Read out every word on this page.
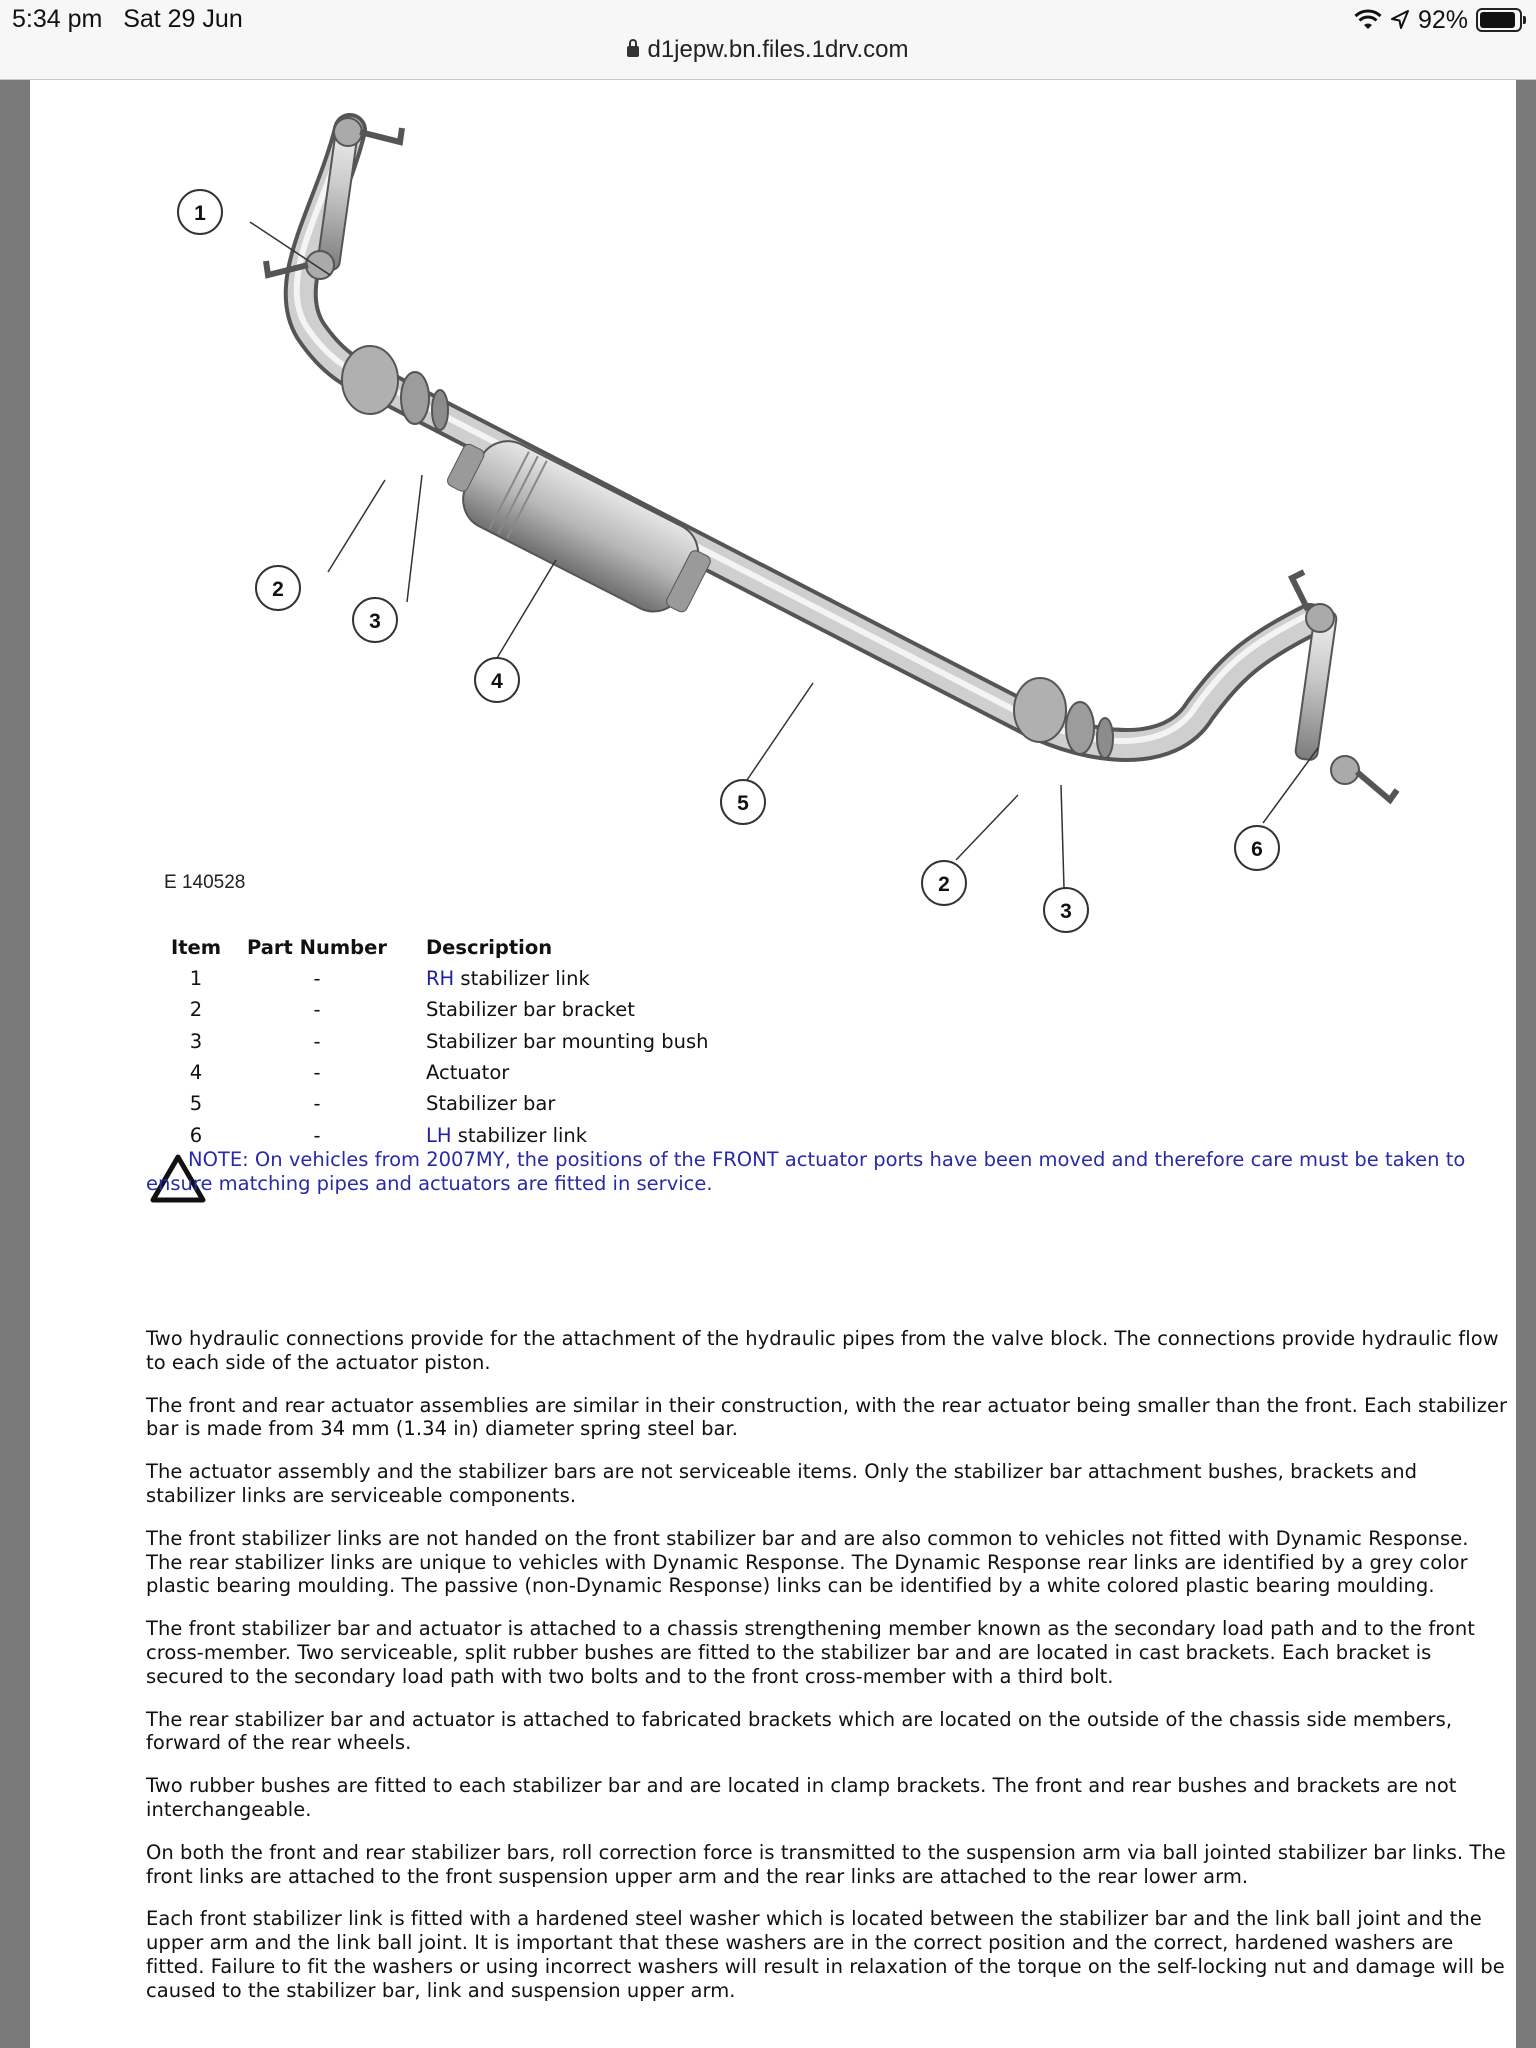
5:34 pm Sat 29 Jun	92%
d1jepw.bn.files.1drv.com
1
2
3
4
5
6
2
3
E 140528
Item	Part Number	Description
1	-	RH stabilizer link
2	-	Stabilizer bar bracket
3	-	Stabilizer bar mounting bush
4	-	Actuator
5	-	Stabilizer bar
6	-	LH stabilizer link
NOTE: On vehicles from 2007MY, the positions of the FRONT actuator ports have been moved and therefore care must be taken to ensure matching pipes and actuators are fitted in service.

Two hydraulic connections provide for the attachment of the hydraulic pipes from the valve block. The connections provide hydraulic flow to each side of the actuator piston.

The front and rear actuator assemblies are similar in their construction, with the rear actuator being smaller than the front. Each stabilizer bar is made from 34 mm (1.34 in) diameter spring steel bar.

The actuator assembly and the stabilizer bars are not serviceable items. Only the stabilizer bar attachment bushes, brackets and stabilizer links are serviceable components.

The front stabilizer links are not handed on the front stabilizer bar and are also common to vehicles not fitted with Dynamic Response. The rear stabilizer links are unique to vehicles with Dynamic Response. The Dynamic Response rear links are identified by a grey color plastic bearing moulding. The passive (non-Dynamic Response) links can be identified by a white colored plastic bearing moulding.

The front stabilizer bar and actuator is attached to a chassis strengthening member known as the secondary load path and to the front cross-member. Two serviceable, split rubber bushes are fitted to the stabilizer bar and are located in cast brackets. Each bracket is secured to the secondary load path with two bolts and to the front cross-member with a third bolt.

The rear stabilizer bar and actuator is attached to fabricated brackets which are located on the outside of the chassis side members, forward of the rear wheels.

Two rubber bushes are fitted to each stabilizer bar and are located in clamp brackets. The front and rear bushes and brackets are not interchangeable.

On both the front and rear stabilizer bars, roll correction force is transmitted to the suspension arm via ball jointed stabilizer bar links. The front links are attached to the front suspension upper arm and the rear links are attached to the rear lower arm.

Each front stabilizer link is fitted with a hardened steel washer which is located between the stabilizer bar and the link ball joint and the upper arm and the link ball joint. It is important that these washers are in the correct position and the correct, hardened washers are fitted. Failure to fit the washers or using incorrect washers will result in relaxation of the torque on the self-locking nut and damage will be caused to the stabilizer bar, link and suspension upper arm.
